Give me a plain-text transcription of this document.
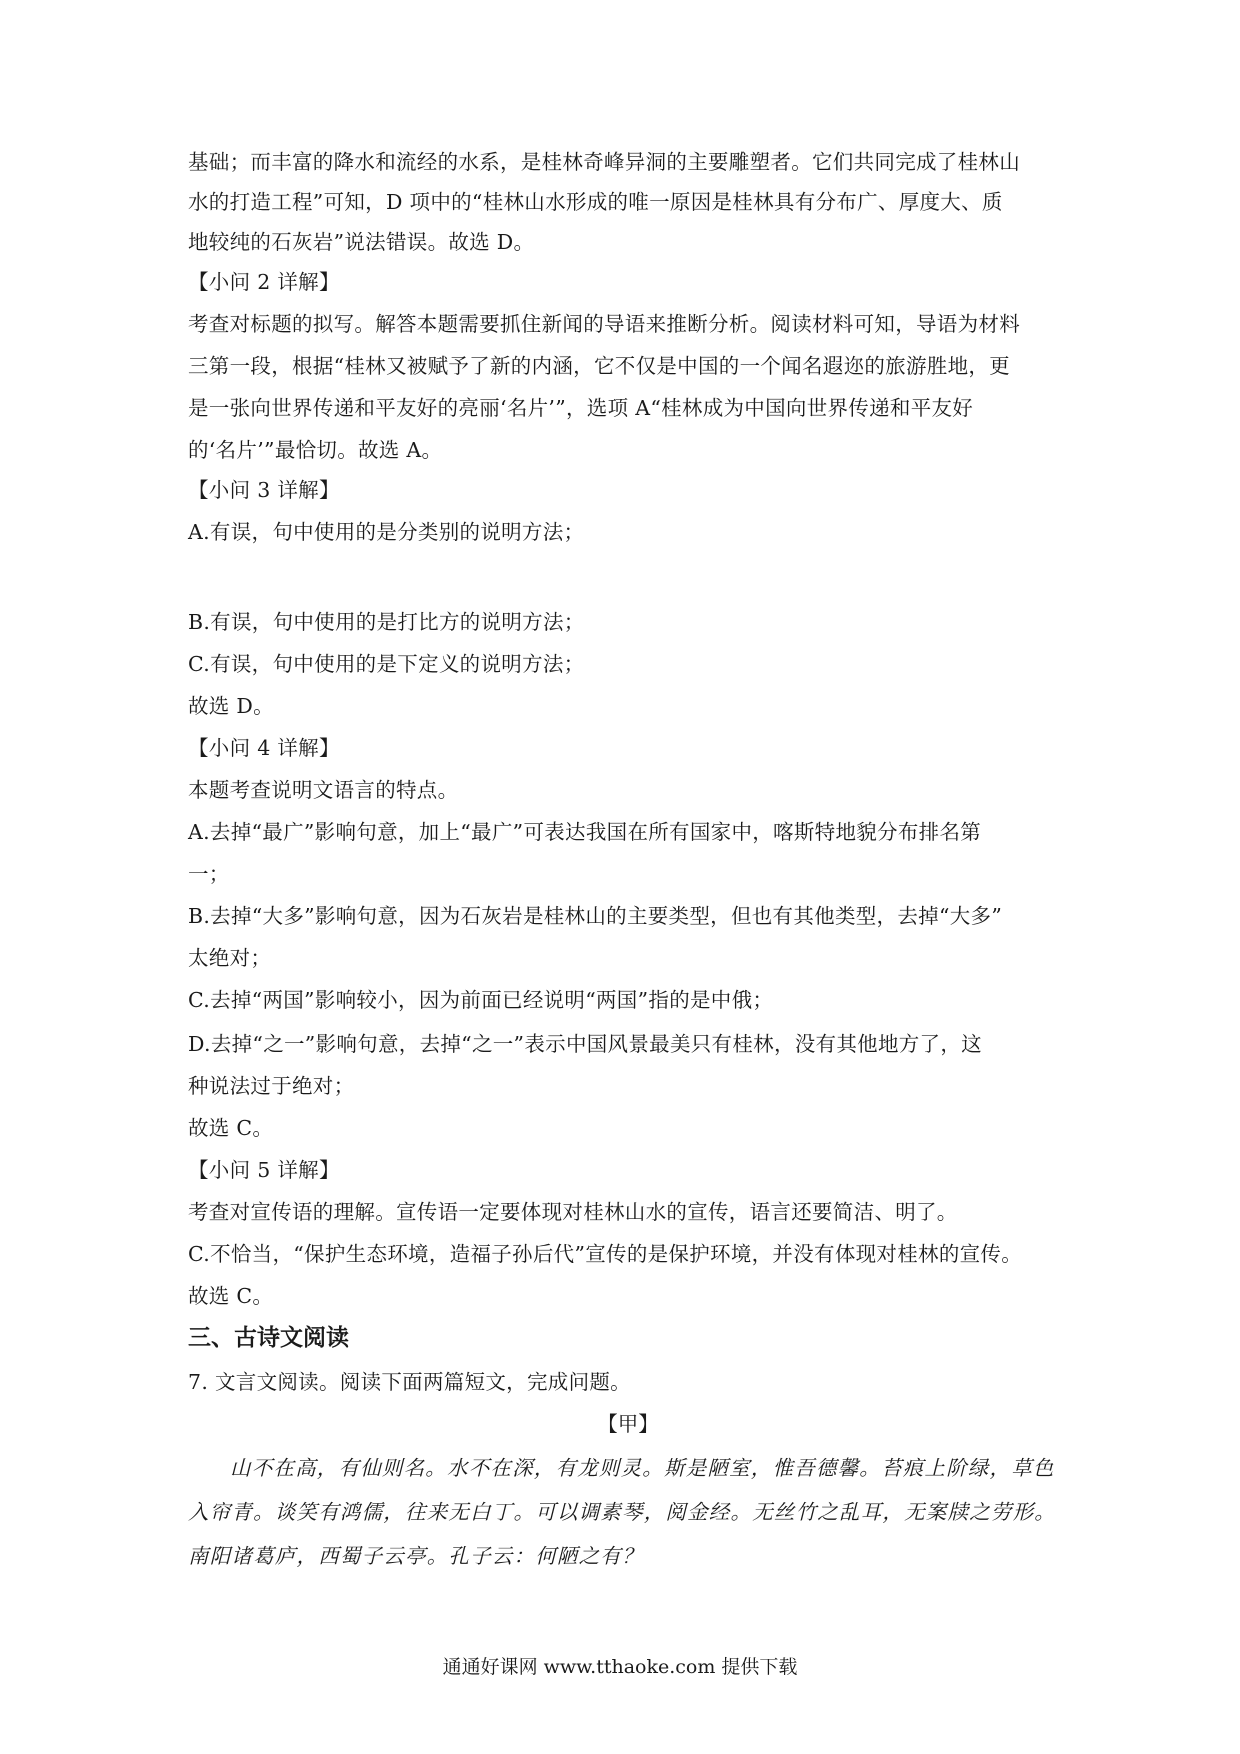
基础；而丰富的降水和流经的水系，是桂林奇峰异洞的主要雕塑者。它们共同完成了桂林山
水的打造工程”可知，D 项中的“桂林山水形成的唯一原因是桂林具有分布广、厚度大、质
地较纯的石灰岩”说法错误。故选 D。
【小问 2 详解】
考查对标题的拟写。解答本题需要抓住新闻的导语来推断分析。阅读材料可知，导语为材料
三第一段，根据“桂林又被赋予了新的内涵，它不仅是中国的一个闻名遐迩的旅游胜地，更
是一张向世界传递和平友好的亮丽‘名片’”，选项 A“桂林成为中国向世界传递和平友好
的‘名片’”最恰切。故选 A。
【小问 3 详解】
A.有误，句中使用的是分类别的说明方法；
B.有误，句中使用的是打比方的说明方法；
C.有误，句中使用的是下定义的说明方法；
故选 D。
【小问 4 详解】
本题考查说明文语言的特点。
A.去掉“最广”影响句意，加上“最广”可表达我国在所有国家中，喀斯特地貌分布排名第
一；
B.去掉“大多”影响句意，因为石灰岩是桂林山的主要类型，但也有其他类型，去掉“大多”
太绝对；
C.去掉“两国”影响较小，因为前面已经说明“两国”指的是中俄；
D.去掉“之一”影响句意，去掉“之一”表示中国风景最美只有桂林，没有其他地方了，这
种说法过于绝对；
故选 C。
【小问 5 详解】
考查对宣传语的理解。宣传语一定要体现对桂林山水的宣传，语言还要简洁、明了。
C.不恰当，“保护生态环境，造福子孙后代”宣传的是保护环境，并没有体现对桂林的宣传。
故选 C。
三、古诗文阅读
7. 文言文阅读。阅读下面两篇短文，完成问题。
【甲】
山不在高，有仙则名。水不在深，有龙则灵。斯是陋室，惟吾德馨。苔痕上阶绿，草色
入帘青。谈笑有鸿儒，往来无白丁。可以调素琴，阅金经。无丝竹之乱耳，无案牍之劳形。
南阳诸葛庐，西蜀子云亭。孔子云：何陋之有？
通通好课网 www.tthaoke.com 提供下载
